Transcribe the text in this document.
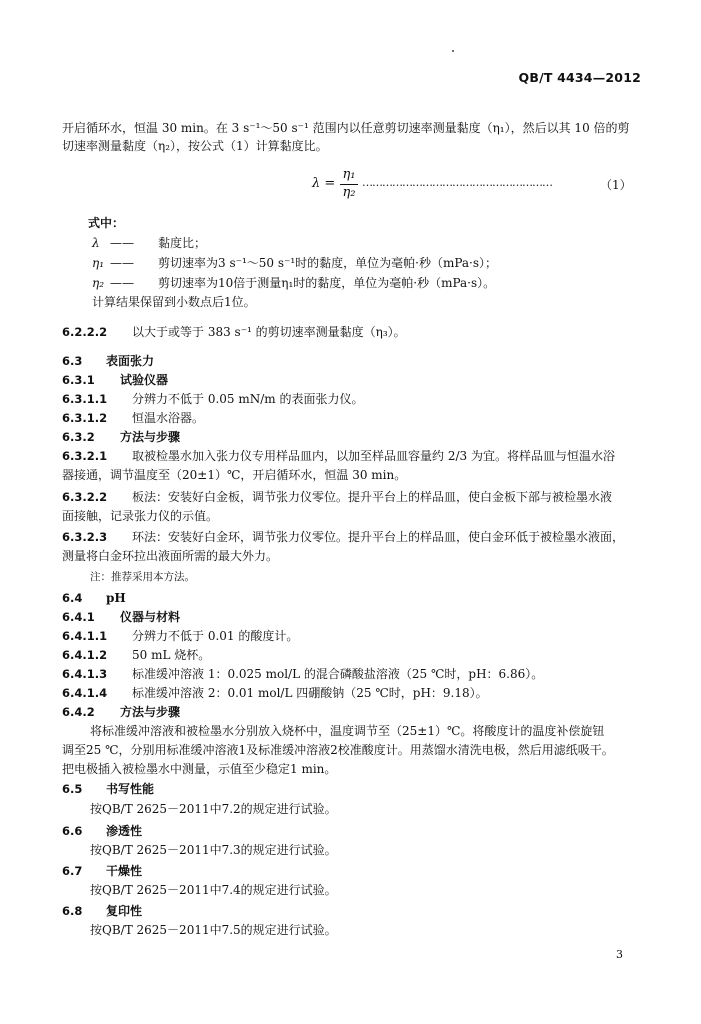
QB/T 4434—2012
开启循环水，恒温 30 min。在 3 s⁻¹～50 s⁻¹ 范围内以任意剪切速率测量黏度（η₁），然后以其 10 倍的剪
切速率测量黏度（η₂），按公式（1）计算黏度比。
$\lambda = \frac{\text{η₁}}{\text{η₂}}$ …………………………………………………	（1）
式中：
λ —— 黏度比；
η₁ —— 剪切速率为3 s⁻¹～50 s⁻¹时的黏度，单位为毫帕·秒（mPa·s）；
η₂ —— 剪切速率为10倍于测量η₁时的黏度，单位为毫帕·秒（mPa·s）。
计算结果保留到小数点后1位。
6.2.2.2 以大于或等于 383 s⁻¹ 的剪切速率测量黏度（η₃）。
6.3 表面张力
6.3.1 试验仪器
6.3.1.1 分辨力不低于 0.05 mN/m 的表面张力仪。
6.3.1.2 恒温水浴器。
6.3.2 方法与步骤
6.3.2.1 取被检墨水加入张力仪专用样品皿内，以加至样品皿容量约 2/3 为宜。将样品皿与恒温水浴
器接通，调节温度至（20±1）℃，开启循环水，恒温 30 min。
6.3.2.2 板法：安装好白金板，调节张力仪零位。提升平台上的样品皿，使白金板下部与被检墨水液
面接触，记录张力仪的示值。
6.3.2.3 环法：安装好白金环，调节张力仪零位。提升平台上的样品皿，使白金环低于被检墨水液面，
测量将白金环拉出液面所需的最大外力。
注：推荐采用本方法。
6.4 pH
6.4.1 仪器与材料
6.4.1.1 分辨力不低于 0.01 的酸度计。
6.4.1.2 50 mL 烧杯。
6.4.1.3 标准缓冲溶液 1：0.025 mol/L 的混合磷酸盐溶液（25 ℃时，pH：6.86）。
6.4.1.4 标准缓冲溶液 2：0.01 mol/L 四硼酸钠（25 ℃时，pH：9.18）。
6.4.2 方法与步骤
将标准缓冲溶液和被检墨水分别放入烧杯中，温度调节至（25±1）℃。将酸度计的温度补偿旋钮
调至25 ℃，分别用标准缓冲溶液1及标准缓冲溶液2校准酸度计。用蒸馏水清洗电极，然后用滤纸吸干。
把电极插入被检墨水中测量，示值至少稳定1 min。
6.5 书写性能
按QB/T 2625－2011中7.2的规定进行试验。
6.6 渗透性
按QB/T 2625－2011中7.3的规定进行试验。
6.7 干燥性
按QB/T 2625－2011中7.4的规定进行试验。
6.8 复印性
按QB/T 2625－2011中7.5的规定进行试验。
3
